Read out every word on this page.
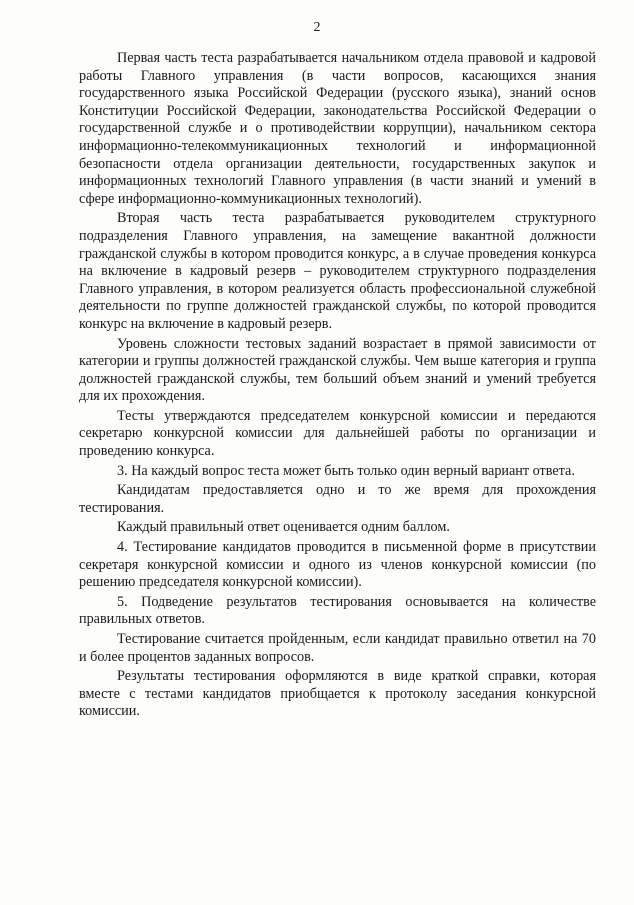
2

Первая часть теста разрабатывается начальником отдела правовой и кадровой работы Главного управления (в части вопросов, касающихся знания государственного языка Российской Федерации (русского языка), знаний основ Конституции Российской Федерации, законодательства Российской Федерации о государственной службе и о противодействии коррупции), начальником сектора информационно-телекоммуникационных технологий и информационной безопасности отдела организации деятельности, государственных закупок и информационных технологий Главного управления (в части знаний и умений в сфере информационно-коммуникационных технологий).

Вторая часть теста разрабатывается руководителем структурного подразделения Главного управления, на замещение вакантной должности гражданской службы в котором проводится конкурс, а в случае проведения конкурса на включение в кадровый резерв – руководителем структурного подразделения Главного управления, в котором реализуется область профессиональной служебной деятельности по группе должностей гражданской службы, по которой проводится конкурс на включение в кадровый резерв.

Уровень сложности тестовых заданий возрастает в прямой зависимости от категории и группы должностей гражданской службы. Чем выше категория и группа должностей гражданской службы, тем больший объем знаний и умений требуется для их прохождения.

Тесты утверждаются председателем конкурсной комиссии и передаются секретарю конкурсной комиссии для дальнейшей работы по организации и проведению конкурса.

3. На каждый вопрос теста может быть только один верный вариант ответа.

Кандидатам предоставляется одно и то же время для прохождения тестирования.

Каждый правильный ответ оценивается одним баллом.

4. Тестирование кандидатов проводится в письменной форме в присутствии секретаря конкурсной комиссии и одного из членов конкурсной комиссии (по решению председателя конкурсной комиссии).

5. Подведение результатов тестирования основывается на количестве правильных ответов.

Тестирование считается пройденным, если кандидат правильно ответил на 70 и более процентов заданных вопросов.

Результаты тестирования оформляются в виде краткой справки, которая вместе с тестами кандидатов приобщается к протоколу заседания конкурсной комиссии.
